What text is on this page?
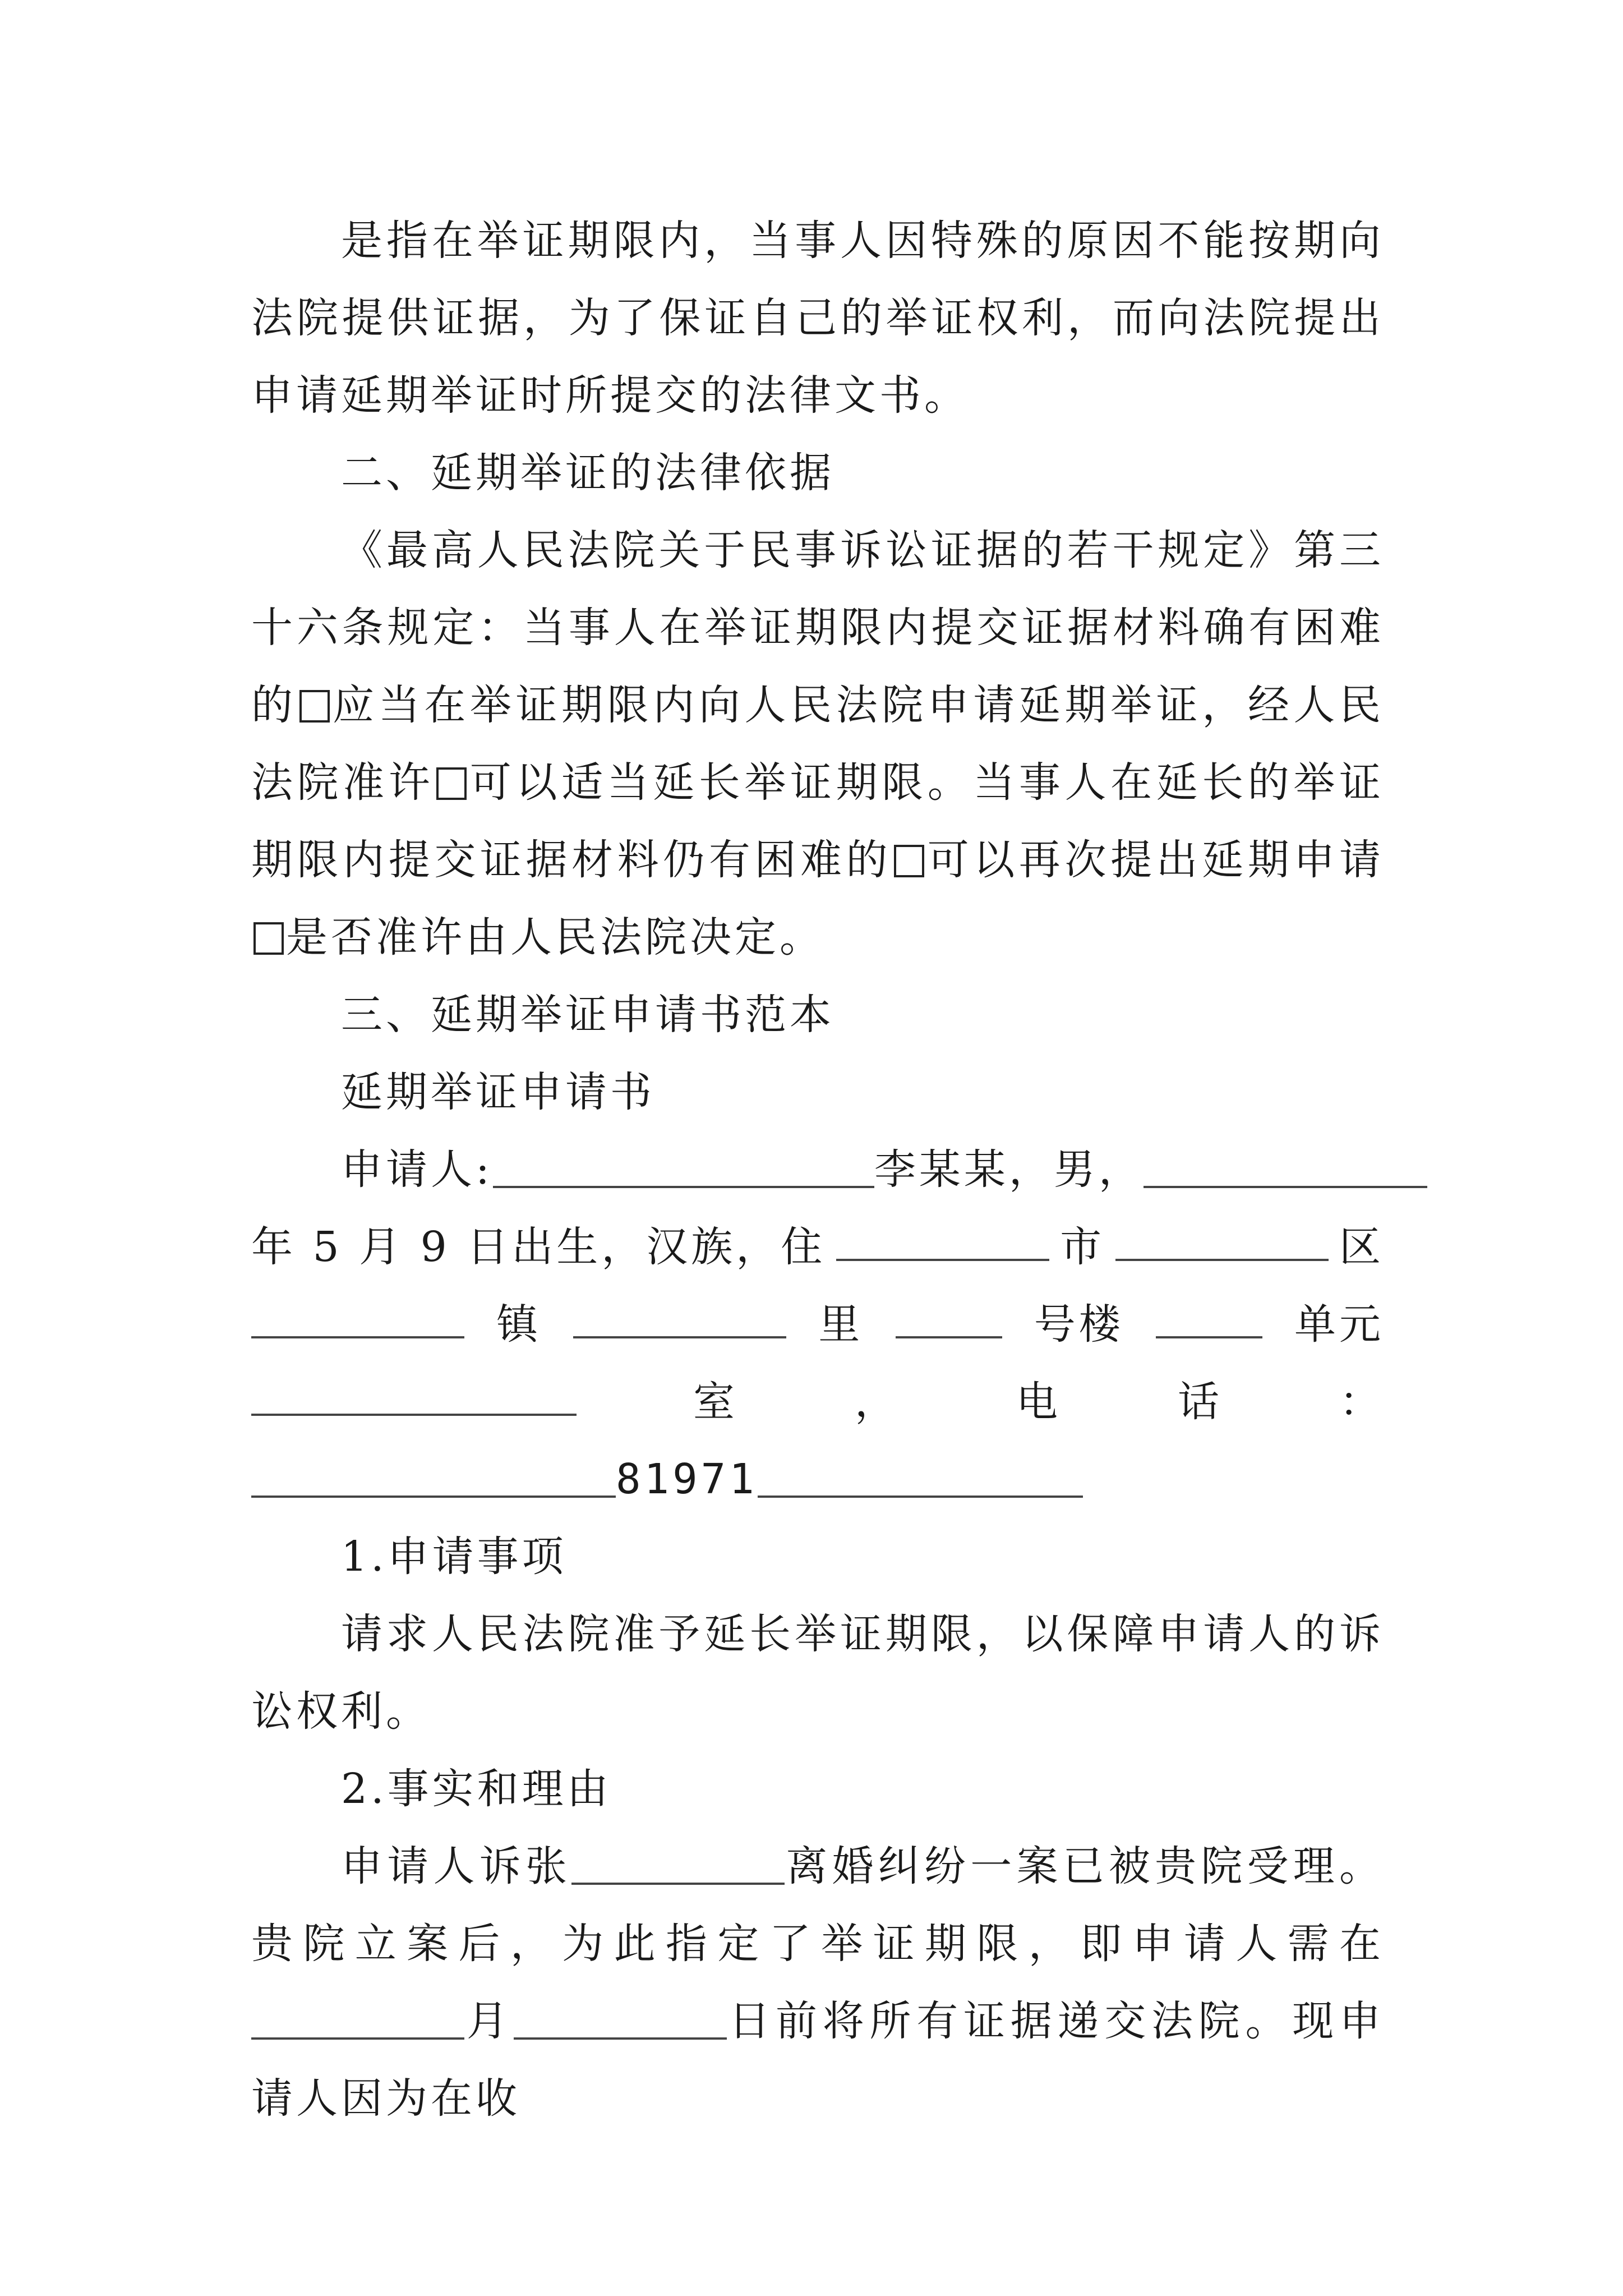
是指在举证期限内，当事人因特殊的原因不能按期向法院提供证据，为了保证自己的举证权利，而向法院提出申请延期举证时所提交的法律文书。

二、延期举证的法律依据

《最高人民法院关于民事诉讼证据的若干规定》第三十六条规定：当事人在举证期限内提交证据材料确有困难的 应当在举证期限内向人民法院申请延期举证，经人民法院准许 可以适当延长举证期限。当事人在延长的举证期限内提交证据材料仍有困难的 可以再次提出延期申请是否准许由人民法院决定。

三、延期举证申请书范本

延期举证申请书

申请人:	李某某，男，
年 5 月 9 日出生，汉族，住	市	区
镇	里	号楼	单元
室	，	电	话	：
81971

1.申请事项

请求人民法院准予延长举证期限，以保障申请人的诉讼权利。

2.事实和理由

申请人诉张	离婚纠纷一案已被贵院受理。贵院立案后，为此指定了举证期限，即申请人需在月	日前将所有证据递交法院。现申请人因为在收
